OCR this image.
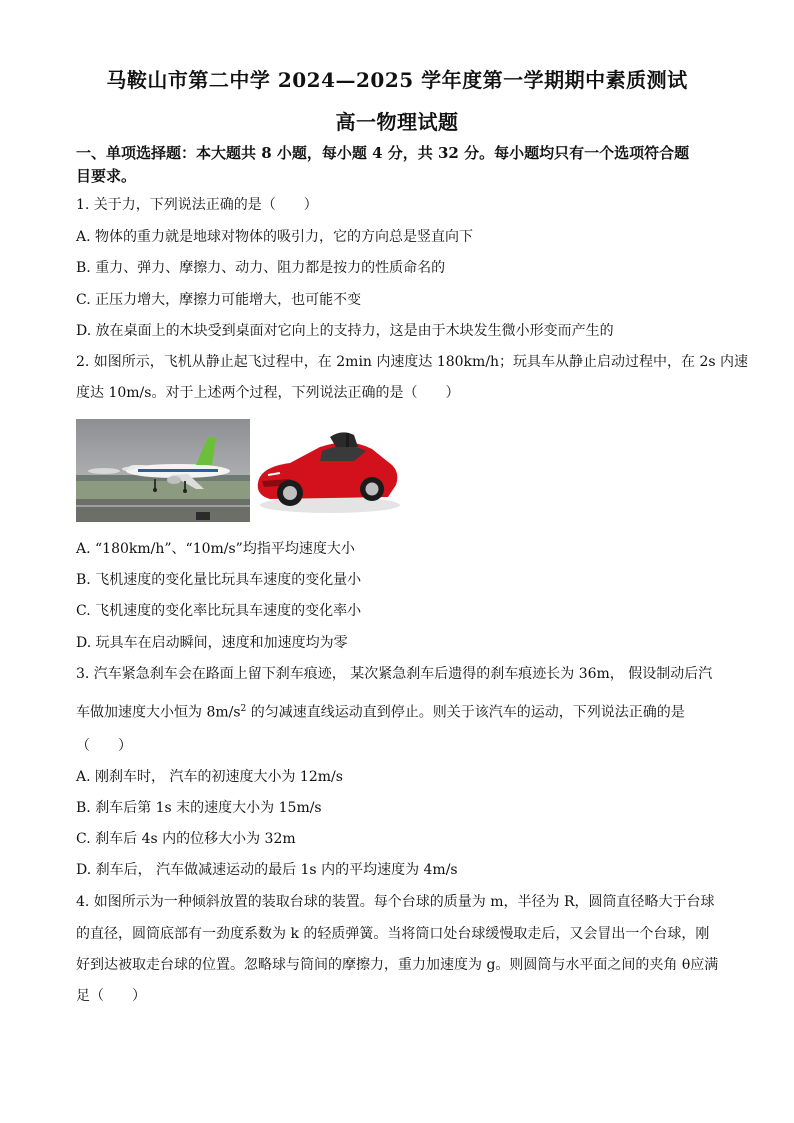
马鞍山市第二中学 2024—2025 学年度第一学期期中素质测试
高一物理试题
一、单项选择题：本大题共 8 小题，每小题 4 分，共 32 分。每小题均只有一个选项符合题
目要求。
1. 关于力，下列说法正确的是（　　）
A. 物体的重力就是地球对物体的吸引力，它的方向总是竖直向下
B. 重力、弹力、摩擦力、动力、阻力都是按力的性质命名的
C. 正压力增大，摩擦力可能增大，也可能不变
D. 放在桌面上的木块受到桌面对它向上的支持力，这是由于木块发生微小形变而产生的
2. 如图所示，飞机从静止起飞过程中，在 2min 内速度达 180km/h；玩具车从静止启动过程中，在 2s 内速
度达 10m/s。对于上述两个过程，下列说法正确的是（　　）
A. “180km/h”、“10m/s”均指平均速度大小
B. 飞机速度的变化量比玩具车速度的变化量小
C. 飞机速度的变化率比玩具车速度的变化率小
D. 玩具车在启动瞬间，速度和加速度均为零
3. 汽车紧急刹车会在路面上留下刹车痕迹， 某次紧急刹车后遗得的刹车痕迹长为 36m， 假设制动后汽
车做加速度大小恒为 $8m/s^2$ 的匀减速直线运动直到停止。则关于该汽车的运动，下列说法正确的是
（　　）
A. 刚刹车时， 汽车的初速度大小为 12m/s
B. 刹车后第 1s 末的速度大小为 15m/s
C. 刹车后 4s 内的位移大小为 32m
D. 刹车后， 汽车做减速运动的最后 1s 内的平均速度为 4m/s
4. 如图所示为一种倾斜放置的装取台球的装置。每个台球的质量为 m，半径为 R，圆筒直径略大于台球
的直径，圆筒底部有一劲度系数为 k 的轻质弹簧。当将筒口处台球缓慢取走后，又会冒出一个台球，刚
好到达被取走台球的位置。忽略球与筒间的摩擦力，重力加速度为 g。则圆筒与水平面之间的夹角 θ应满
足（　　）
